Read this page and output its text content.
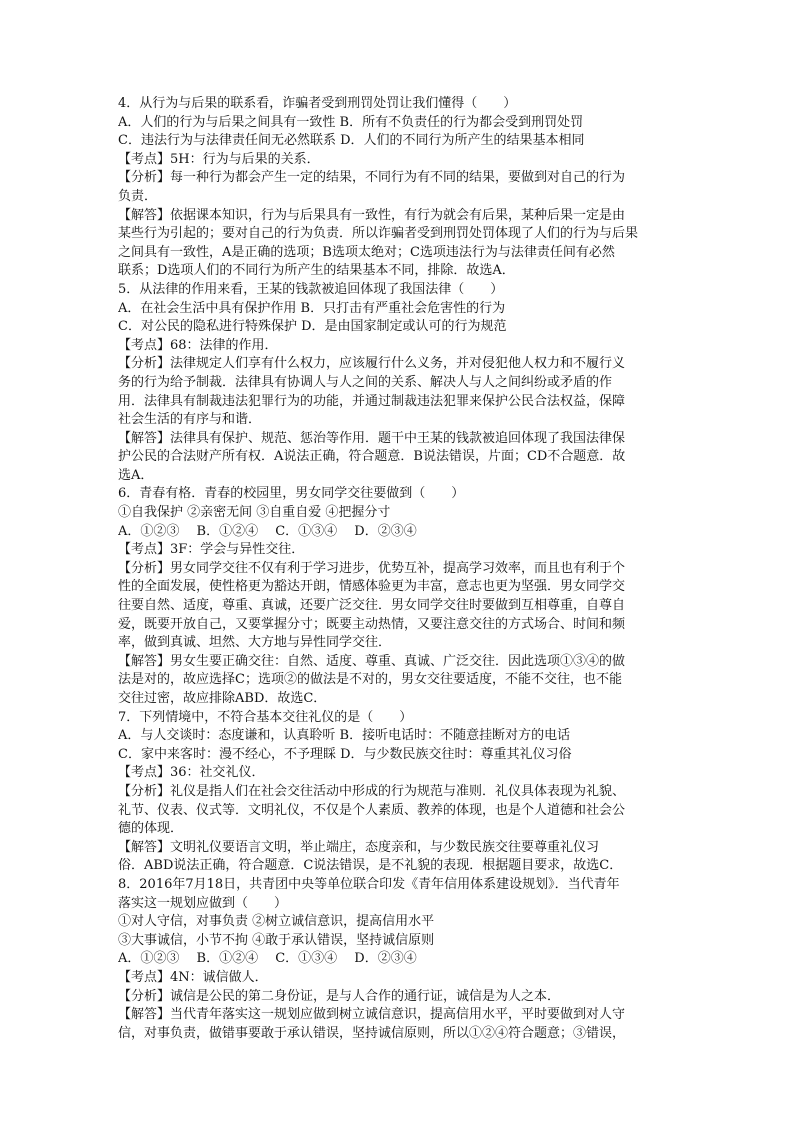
4．从行为与后果的联系看，诈骗者受到刑罚处罚让我们懂得（　　）
A．人们的行为与后果之间具有一致性 B．所有不负责任的行为都会受到刑罚处罚
C．违法行为与法律责任间无必然联系 D．人们的不同行为所产生的结果基本相同
【考点】5H：行为与后果的关系．
【分析】每一种行为都会产生一定的结果，不同行为有不同的结果，要做到对自己的行为
负责．
【解答】依据课本知识，行为与后果具有一致性，有行为就会有后果，某种后果一定是由
某些行为引起的；要对自己的行为负责．所以诈骗者受到刑罚处罚体现了人们的行为与后果
之间具有一致性，A是正确的选项；B选项太绝对；C选项违法行为与法律责任间有必然
联系；D选项人们的不同行为所产生的结果基本不同，排除．故选A．
5．从法律的作用来看，王某的钱款被追回体现了我国法律（　　）
A．在社会生活中具有保护作用 B．只打击有严重社会危害性的行为
C．对公民的隐私进行特殊保护 D．是由国家制定或认可的行为规范
【考点】68：法律的作用．
【分析】法律规定人们享有什么权力，应该履行什么义务，并对侵犯他人权力和不履行义
务的行为给予制裁．法律具有协调人与人之间的关系、解决人与人之间纠纷或矛盾的作
用．法律具有制裁违法犯罪行为的功能，并通过制裁违法犯罪来保护公民合法权益，保障
社会生活的有序与和谐．
【解答】法律具有保护、规范、惩治等作用．题干中王某的钱款被追回体现了我国法律保
护公民的合法财产所有权．A说法正确，符合题意．B说法错误，片面；CD不合题意．故
选A．
6．青春有格．青春的校园里，男女同学交往要做到（　　）
①自我保护 ②亲密无间 ③自重自爱 ④把握分寸
A．①②③　 B．①②④　 C．①③④　 D．②③④
【考点】3F：学会与异性交往．
【分析】男女同学交往不仅有利于学习进步，优势互补，提高学习效率，而且也有利于个
性的全面发展，使性格更为豁达开朗，情感体验更为丰富，意志也更为坚强．男女同学交
往要自然、适度，尊重、真诚，还要广泛交往．男女同学交往时要做到互相尊重，自尊自
爱，既要开放自己，又要掌握分寸；既要主动热情，又要注意交往的方式场合、时间和频
率，做到真诚、坦然、大方地与异性同学交往．
【解答】男女生要正确交往：自然、适度、尊重、真诚、广泛交往．因此选项①③④的做
法是对的，故应选择C；选项②的做法是不对的，男女交往要适度，不能不交往，也不能
交往过密，故应排除ABD．故选C．
7．下列情境中，不符合基本交往礼仪的是（　　）
A．与人交谈时：态度谦和，认真聆听 B．接听电话时：不随意挂断对方的电话
C．家中来客时：漫不经心，不予理睬 D．与少数民族交往时：尊重其礼仪习俗
【考点】36：社交礼仪．
【分析】礼仪是指人们在社会交往活动中形成的行为规范与准则．礼仪具体表现为礼貌、
礼节、仪表、仪式等．文明礼仪，不仅是个人素质、教养的体现，也是个人道德和社会公
德的体现．
【解答】文明礼仪要语言文明，举止端庄，态度亲和，与少数民族交往要尊重礼仪习
俗．ABD说法正确，符合题意．C说法错误，是不礼貌的表现．根据题目要求，故选C．
8．2016年7月18日，共青团中央等单位联合印发《青年信用体系建设规划》．当代青年
落实这一规划应做到（　　）
①对人守信，对事负责 ②树立诚信意识，提高信用水平
③大事诚信，小节不拘 ④敢于承认错误，坚持诚信原则
A．①②③　 B．①②④　 C．①③④　 D．②③④
【考点】4N：诚信做人．
【分析】诚信是公民的第二身份证，是与人合作的通行证，诚信是为人之本．
【解答】当代青年落实这一规划应做到树立诚信意识，提高信用水平，平时要做到对人守
信，对事负责，做错事要敢于承认错误，坚持诚信原则，所以①②④符合题意；③错误，
